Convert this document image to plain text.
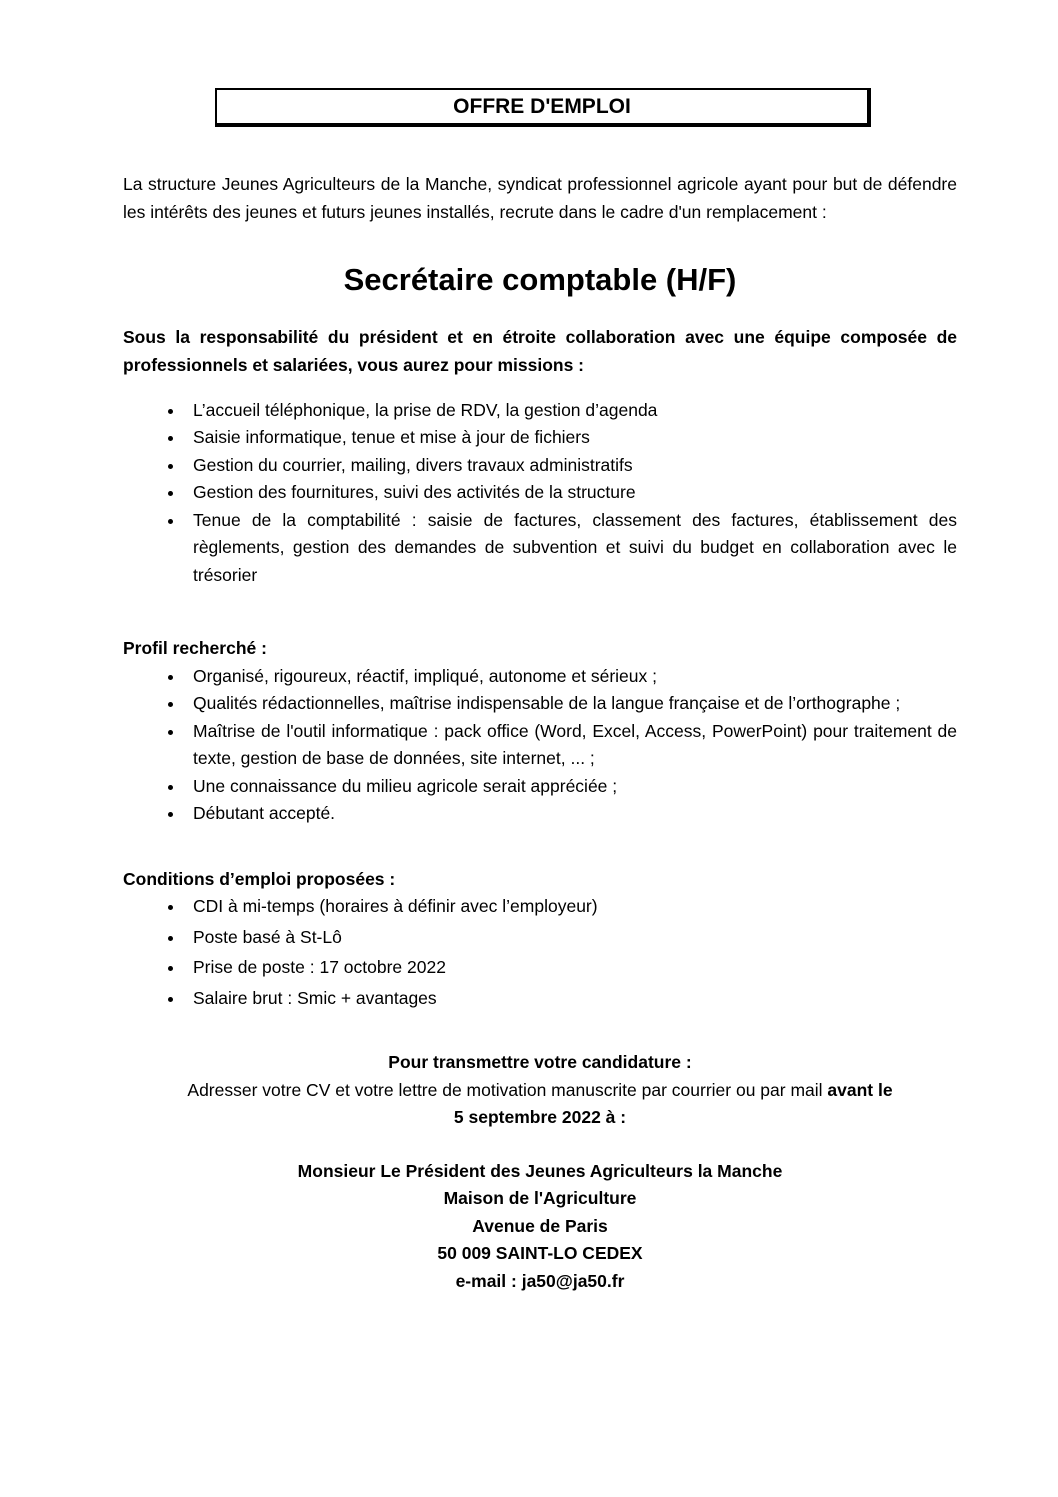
OFFRE D'EMPLOI

La structure Jeunes Agriculteurs de la Manche, syndicat professionnel agricole ayant pour but de défendre les intérêts des jeunes et futurs jeunes installés, recrute dans le cadre d'un remplacement :

Secrétaire comptable (H/F)

Sous la responsabilité du président et en étroite collaboration avec une équipe composée de professionnels et salariées, vous aurez pour missions :

• L’accueil téléphonique, la prise de RDV, la gestion d’agenda
• Saisie informatique, tenue et mise à jour de fichiers
• Gestion du courrier, mailing, divers travaux administratifs
• Gestion des fournitures, suivi des activités de la structure
• Tenue de la comptabilité : saisie de factures, classement des factures, établissement des règlements, gestion des demandes de subvention et suivi du budget en collaboration avec le trésorier
Profil recherché :
• Organisé, rigoureux, réactif, impliqué, autonome et sérieux ;
• Qualités rédactionnelles, maîtrise indispensable de la langue française et de l’orthographe ;
• Maîtrise de l'outil informatique : pack office (Word, Excel, Access, PowerPoint) pour traitement de texte, gestion de base de données, site internet, ... ;
• Une connaissance du milieu agricole serait appréciée ;
• Débutant accepté.
Conditions d’emploi proposées :
• CDI à mi-temps (horaires à définir avec l’employeur)
• Poste basé à St-Lô
• Prise de poste : 17 octobre 2022
• Salaire brut : Smic + avantages
Pour transmettre votre candidature :
Adresser votre CV et votre lettre de motivation manuscrite par courrier ou par mail avant le
5 septembre 2022 à :
Monsieur Le Président des Jeunes Agriculteurs la Manche
Maison de l'Agriculture
Avenue de Paris
50 009 SAINT-LO CEDEX
e-mail : ja50@ja50.fr
